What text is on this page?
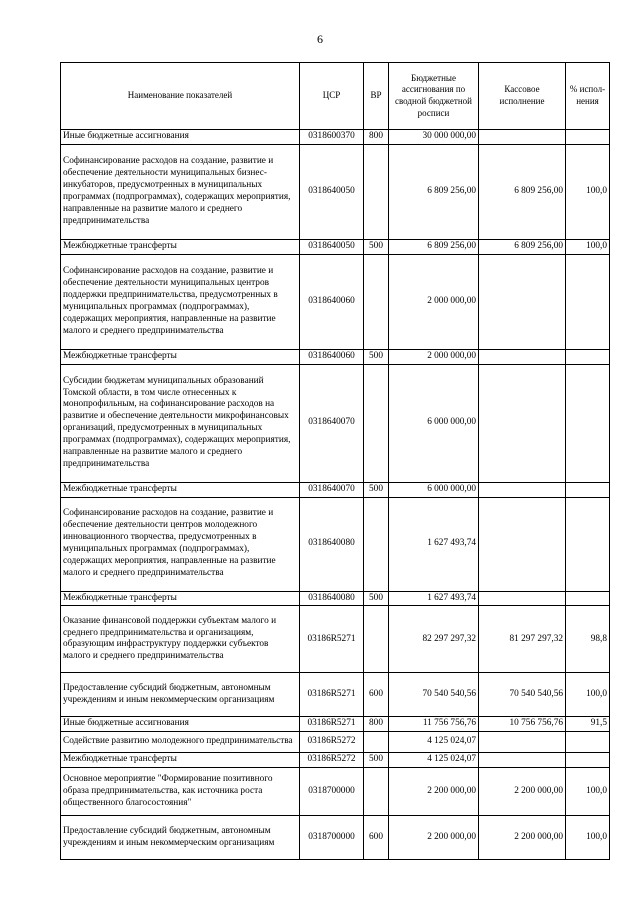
6
Наименование показателей	ЦСР	ВР	Бюджетные ассигнования по сводной бюджетной росписи	Кассовое исполнение	% испол-нения
Иные бюджетные ассигнования	0318600370	800	30 000 000,00		
Софинансирование расходов на создание, развитие и обеспечение деятельности муниципальных бизнес-инкубаторов, предусмотренных в муниципальных программах (подпрограммах), содержащих мероприятия, направленные на развитие малого и среднего предпринимательства	0318640050		6 809 256,00	6 809 256,00	100,0
Межбюджетные трансферты	0318640050	500	6 809 256,00	6 809 256,00	100,0
Софинансирование расходов на создание, развитие и обеспечение деятельности муниципальных центров поддержки предпринимательства, предусмотренных в муниципальных программах (подпрограммах), содержащих мероприятия, направленные на развитие малого и среднего предпринимательства	0318640060		2 000 000,00		
Межбюджетные трансферты	0318640060	500	2 000 000,00		
Субсидии бюджетам муниципальных образований Томской области, в том числе отнесенных к монопрофильным, на софинансирование расходов на развитие и обеспечение деятельности микрофинансовых организаций, предусмотренных в муниципальных программах (подпрограммах), содержащих мероприятия, направленные на развитие малого и среднего предпринимательства	0318640070		6 000 000,00		
Межбюджетные трансферты	0318640070	500	6 000 000,00		
Софинансирование расходов на создание, развитие и обеспечение деятельности центров молодежного инновационного творчества, предусмотренных в муниципальных программах (подпрограммах), содержащих мероприятия, направленные на развитие малого и среднего предпринимательства	0318640080		1 627 493,74		
Межбюджетные трансферты	0318640080	500	1 627 493,74		
Оказание финансовой поддержки субъектам малого и среднего предпринимательства и организациям, образующим инфраструктуру поддержки субъектов малого и среднего предпринимательства	03186R5271		82 297 297,32	81 297 297,32	98,8
Предоставление субсидий бюджетным, автономным учреждениям и иным некоммерческим организациям	03186R5271	600	70 540 540,56	70 540 540,56	100,0
Иные бюджетные ассигнования	03186R5271	800	11 756 756,76	10 756 756,76	91,5
Содействие развитию молодежного предпринимательства	03186R5272		4 125 024,07		
Межбюджетные трансферты	03186R5272	500	4 125 024,07		
Основное мероприятие "Формирование позитивного образа предпринимательства, как источника роста общественного благосостояния"	0318700000		2 200 000,00	2 200 000,00	100,0
Предоставление субсидий бюджетным, автономным учреждениям и иным некоммерческим организациям	0318700000	600	2 200 000,00	2 200 000,00	100,0
